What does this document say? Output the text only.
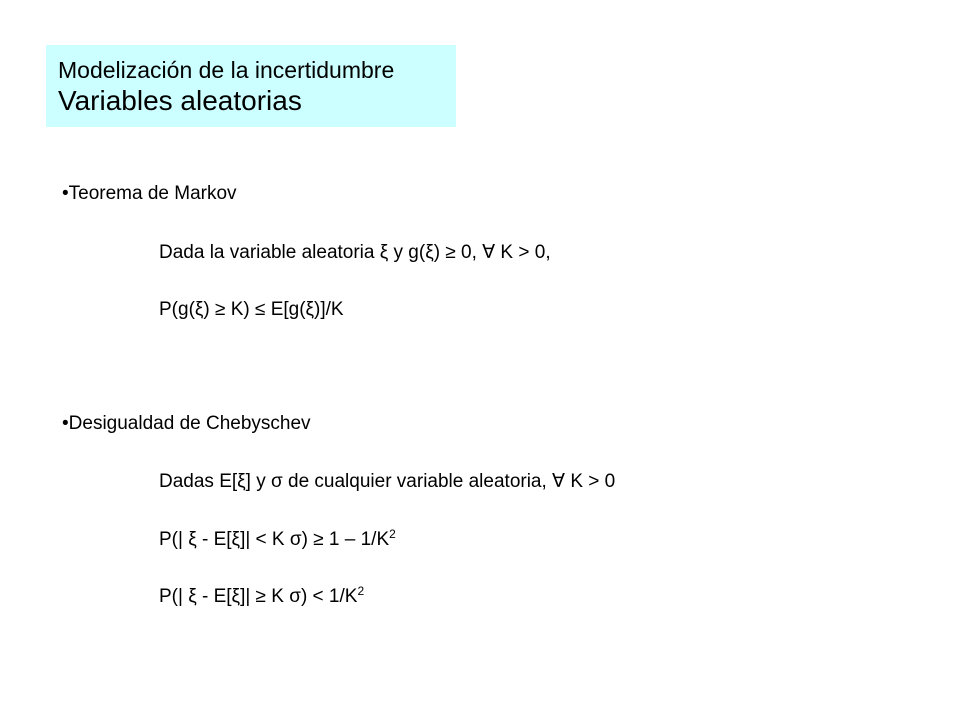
Modelización de la incertidumbre
Variables aleatorias
•Teorema de Markov
Dada la variable aleatoria ξ y g(ξ) ≥ 0, ∀ K > 0,
P(g(ξ) ≥ K) ≤ E[g(ξ)]/K
•Desigualdad de Chebyschev
Dadas E[ξ] y σ de cualquier variable aleatoria, ∀ K > 0
P(| ξ - E[ξ]| < K $\sigma) \ge 1 - 1/K^2$
P(| ξ - E[ξ]| ≥ K $\sigma) < 1/K^2$
